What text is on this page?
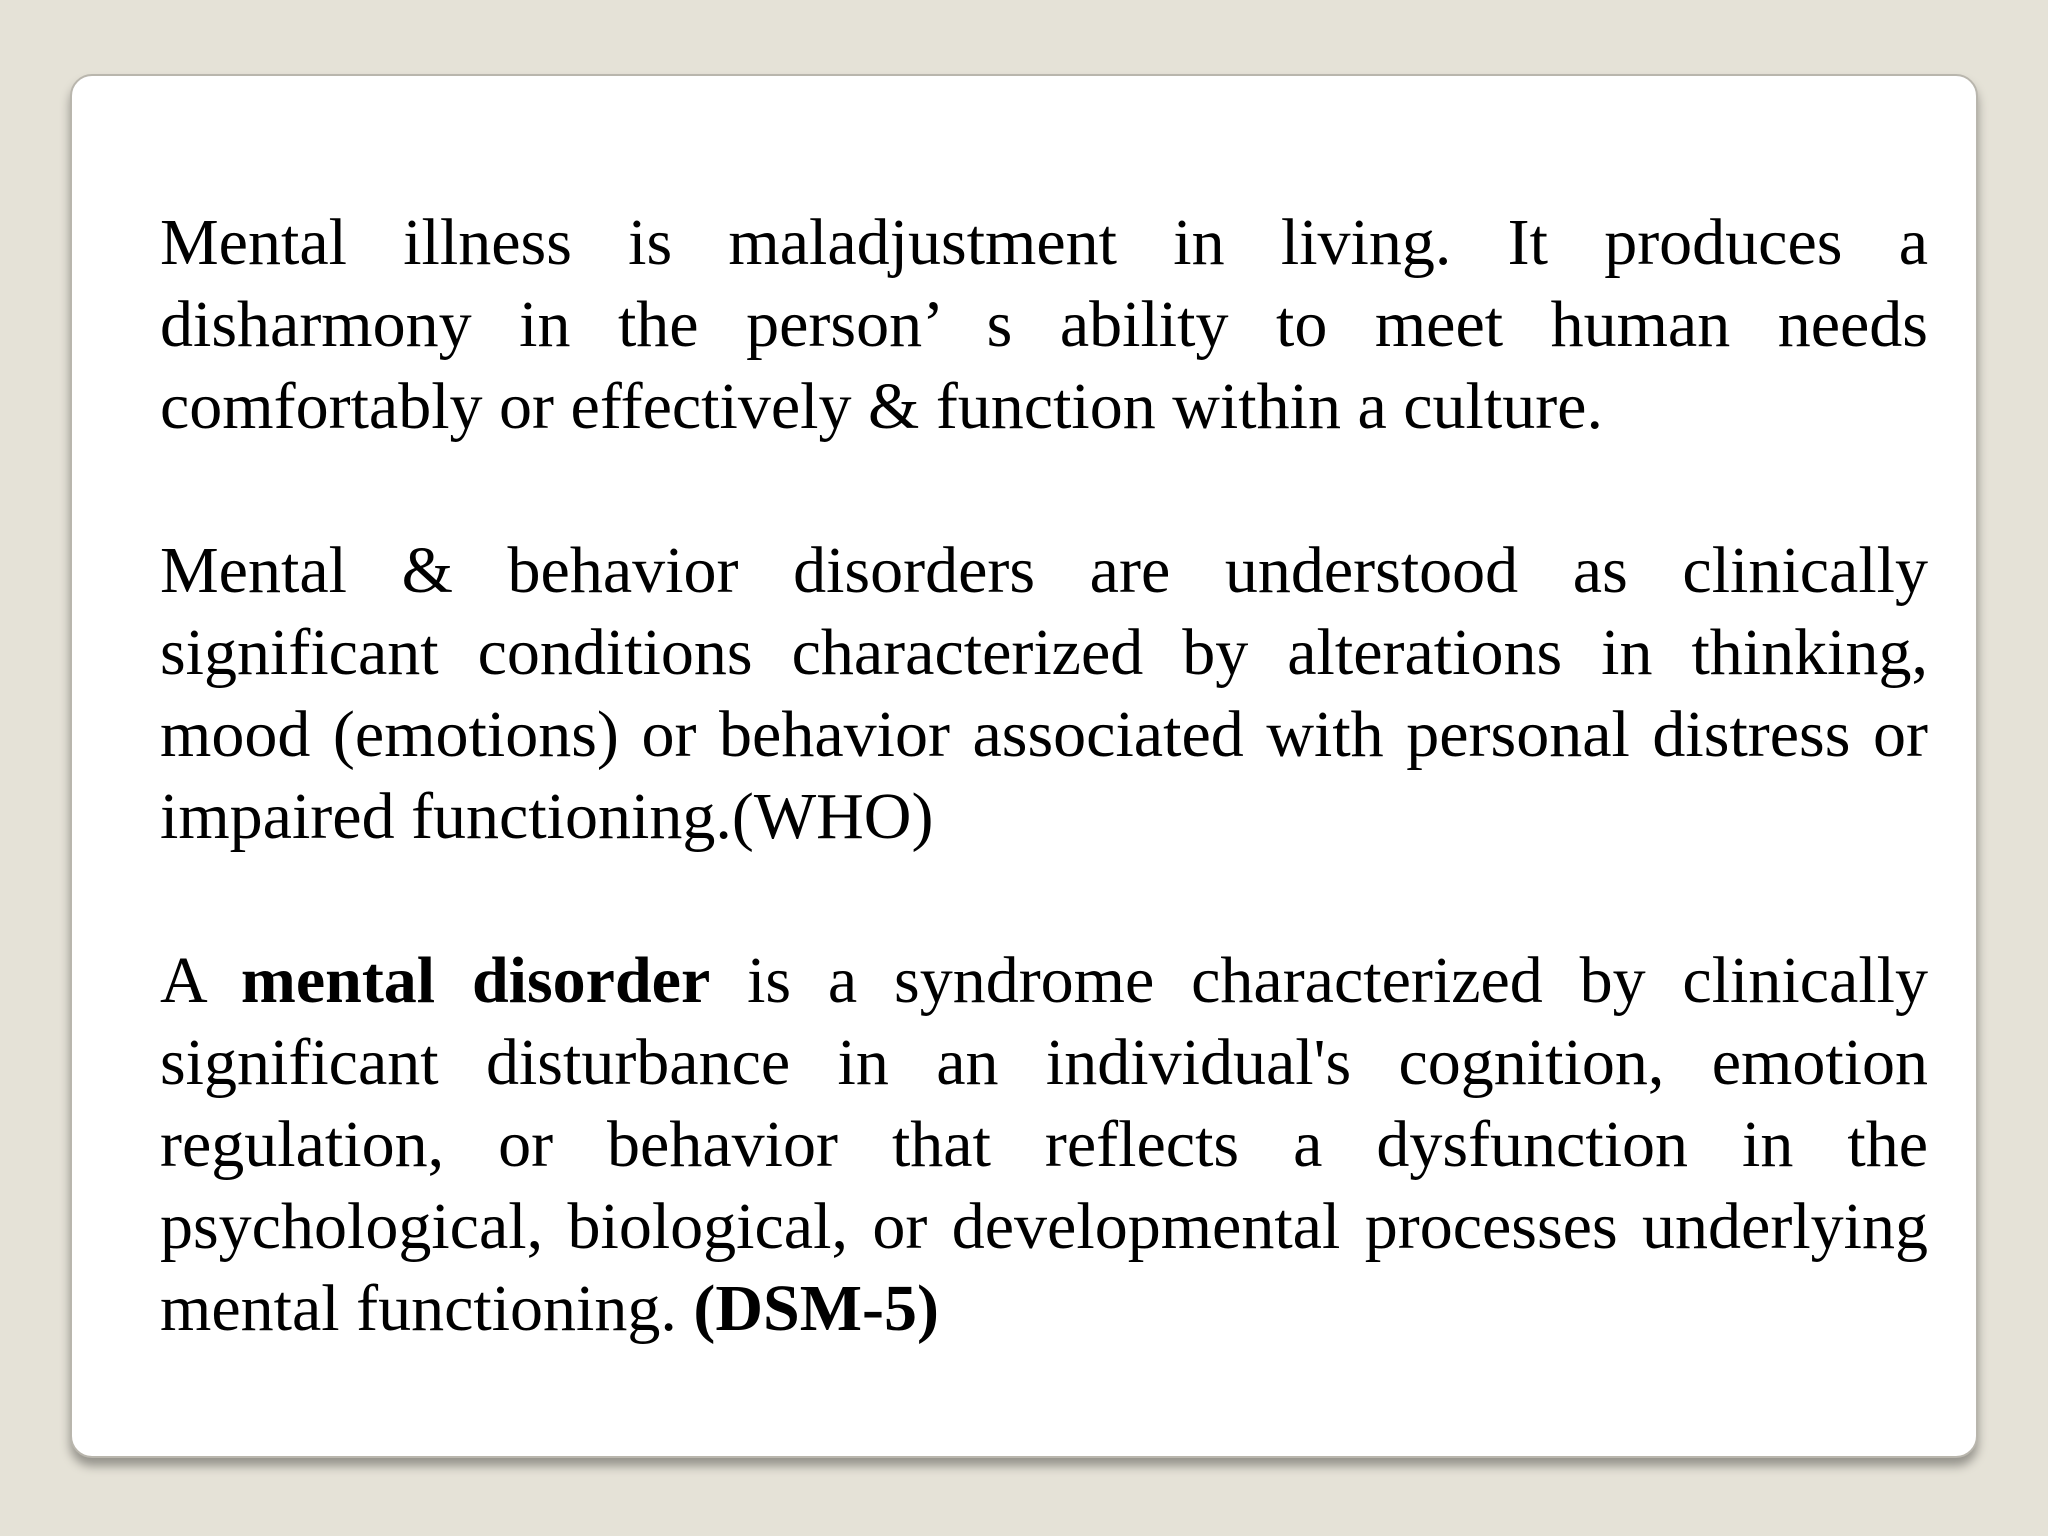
Mental illness is maladjustment in living. It produces a disharmony in the person’ s ability to meet human needs comfortably or effectively & function within a culture.

Mental & behavior disorders are understood as clinically significant conditions characterized by alterations in thinking, mood (emotions) or behavior associated with personal distress or impaired functioning.(WHO)

A mental disorder is a syndrome characterized by clinically significant disturbance in an individual's cognition, emotion regulation, or behavior that reflects a dysfunction in the psychological, biological, or developmental processes underlying mental functioning. (DSM-5)
